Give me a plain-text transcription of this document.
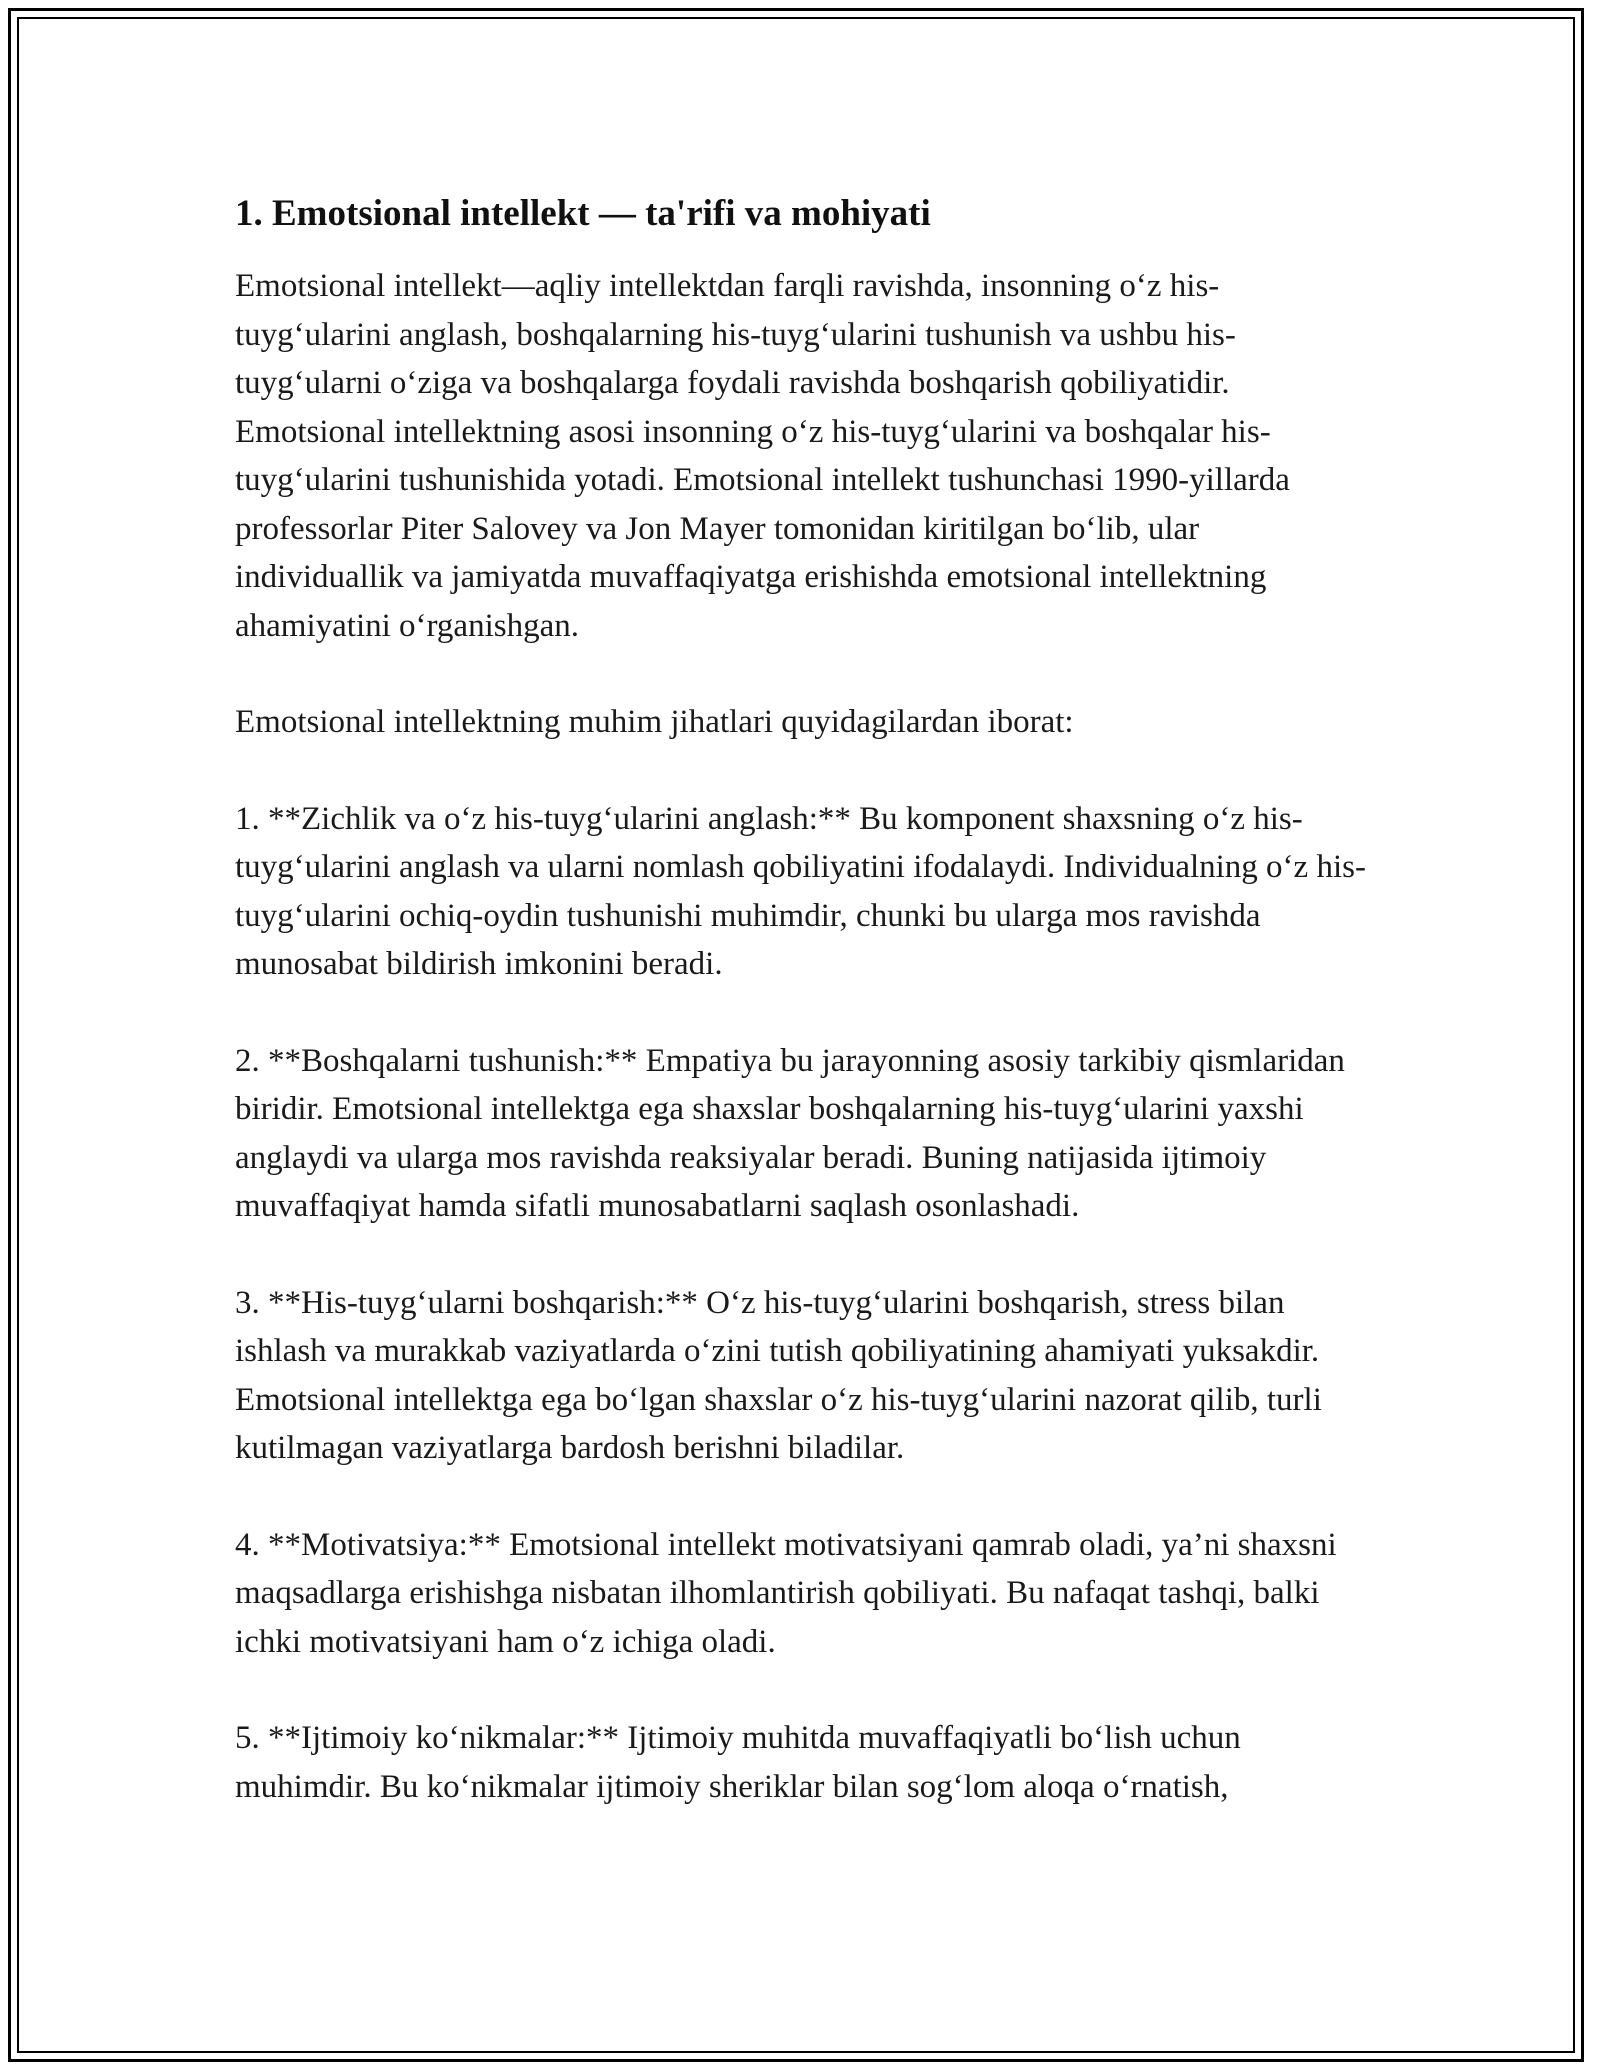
1. Emotsional intellekt — ta'rifi va mohiyati

Emotsional intellekt—aqliy intellektdan farqli ravishda, insonning o‘z his-tuyg‘ularini anglash, boshqalarning his-tuyg‘ularini tushunish va ushbu his-tuyg‘ularni o‘ziga va boshqalarga foydali ravishda boshqarish qobiliyatidir. Emotsional intellektning asosi insonning o‘z his-tuyg‘ularini va boshqalar his-tuyg‘ularini tushunishida yotadi. Emotsional intellekt tushunchasi 1990-yillarda professorlar Piter Salovey va Jon Mayer tomonidan kiritilgan bo‘lib, ular individuallik va jamiyatda muvaffaqiyatga erishishda emotsional intellektning ahamiyatini o‘rganishgan.

Emotsional intellektning muhim jihatlari quyidagilardan iborat:

1. **Zichlik va o‘z his-tuyg‘ularini anglash:** Bu komponent shaxsning o‘z his-tuyg‘ularini anglash va ularni nomlash qobiliyatini ifodalaydi. Individualning o‘z his-tuyg‘ularini ochiq-oydin tushunishi muhimdir, chunki bu ularga mos ravishda munosabat bildirish imkonini beradi.

2. **Boshqalarni tushunish:** Empatiya bu jarayonning asosiy tarkibiy qismlaridan biridir. Emotsional intellektga ega shaxslar boshqalarning his-tuyg‘ularini yaxshi anglaydi va ularga mos ravishda reaksiyalar beradi. Buning natijasida ijtimoiy muvaffaqiyat hamda sifatli munosabatlarni saqlash osonlashadi.

3. **His-tuyg‘ularni boshqarish:** O‘z his-tuyg‘ularini boshqarish, stress bilan ishlash va murakkab vaziyatlarda o‘zini tutish qobiliyatining ahamiyati yuksakdir. Emotsional intellektga ega bo‘lgan shaxslar o‘z his-tuyg‘ularini nazorat qilib, turli kutilmagan vaziyatlarga bardosh berishni biladilar.

4. **Motivatsiya:** Emotsional intellekt motivatsiyani qamrab oladi, ya’ni shaxsni maqsadlarga erishishga nisbatan ilhomlantirish qobiliyati. Bu nafaqat tashqi, balki ichki motivatsiyani ham o‘z ichiga oladi.

5. **Ijtimoiy ko‘nikmalar:** Ijtimoiy muhitda muvaffaqiyatli bo‘lish uchun muhimdir. Bu ko‘nikmalar ijtimoiy sheriklar bilan sog‘lom aloqa o‘rnatish,
